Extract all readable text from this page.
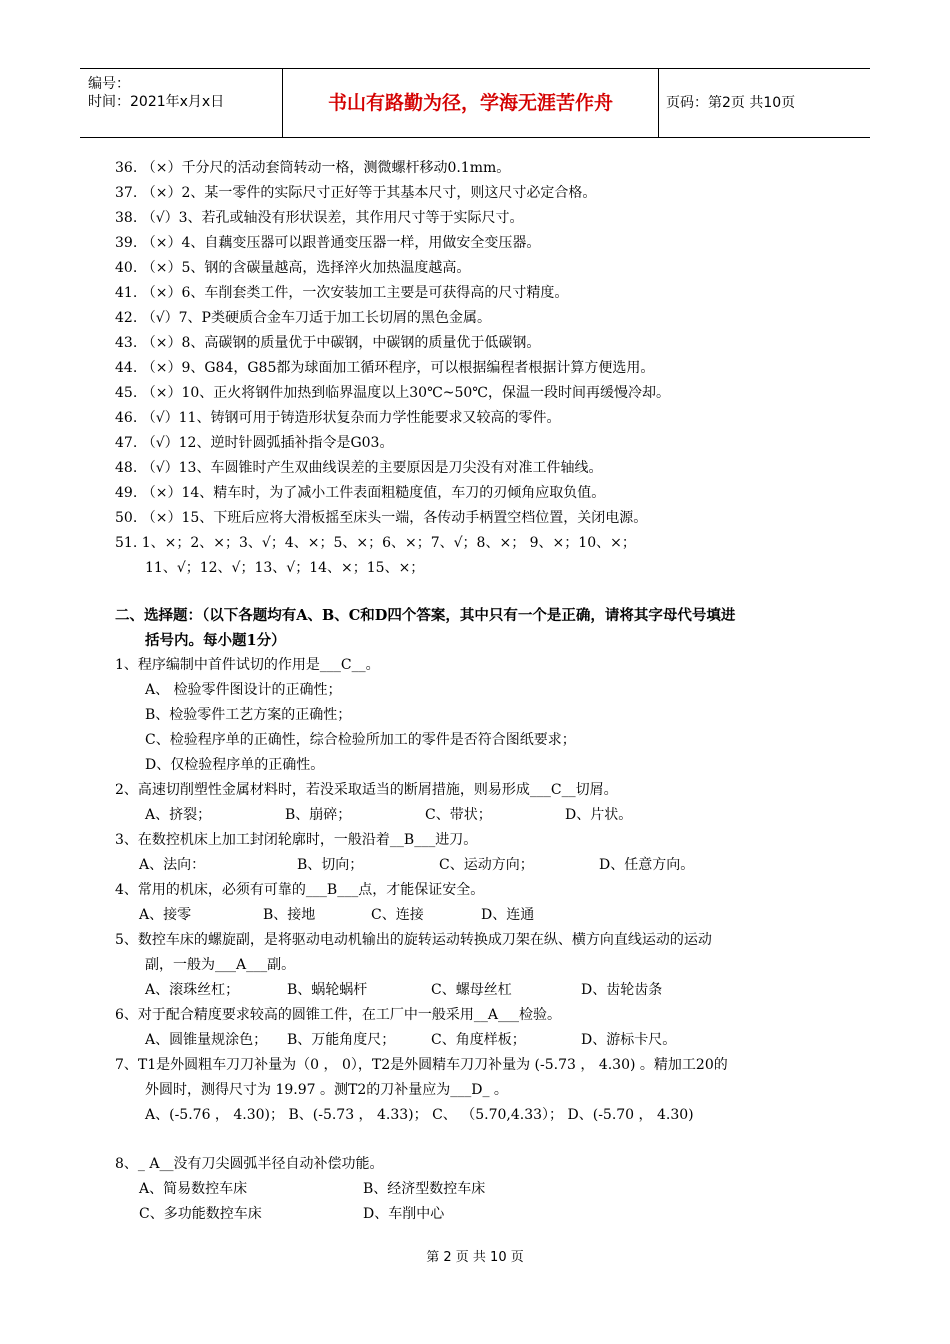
编号：
时间：2021年x月x日	书山有路勤为径，学海无涯苦作舟	页码：第2页 共10页
36. （×）千分尺的活动套筒转动一格，测微螺杆移动0.1mm。
37. （×）2、某一零件的实际尺寸正好等于其基本尺寸，则这尺寸必定合格。
38. （√）3、若孔或轴没有形状误差，其作用尺寸等于实际尺寸。
39. （×）4、自藕变压器可以跟普通变压器一样，用做安全变压器。
40. （×）5、钢的含碳量越高，选择淬火加热温度越高。
41. （×）6、车削套类工件，一次安装加工主要是可获得高的尺寸精度。
42. （√）7、P类硬质合金车刀适于加工长切屑的黑色金属。
43. （×）8、高碳钢的质量优于中碳钢，中碳钢的质量优于低碳钢。
44. （×）9、G84，G85都为球面加工循环程序，可以根据编程者根据计算方便选用。
45. （×）10、正火将钢件加热到临界温度以上30℃~50℃，保温一段时间再缓慢冷却。
46. （√）11、铸钢可用于铸造形状复杂而力学性能要求又较高的零件。
47. （√）12、逆时针圆弧插补指令是G03。
48. （√）13、车圆锥时产生双曲线误差的主要原因是刀尖没有对准工件轴线。
49. （×）14、精车时，为了减小工件表面粗糙度值，车刀的刃倾角应取负值。
50. （×）15、下班后应将大滑板摇至床头一端，各传动手柄置空档位置，关闭电源。
51. 1、×；2、×；3、√；4、×；5、×；6、×；7、√；8、×； 9、×；10、×；
11、√；12、√；13、√；14、×；15、×；
二、选择题：（以下各题均有A、B、C和D四个答案，其中只有一个是正确，请将其字母代号填进
括号内。每小题1分）
1、程序编制中首件试切的作用是___C__。
A、 检验零件图设计的正确性；
B、检验零件工艺方案的正确性；
C、检验程序单的正确性，综合检验所加工的零件是否符合图纸要求；
D、仅检验程序单的正确性。
2、高速切削塑性金属材料时，若没采取适当的断屑措施，则易形成___C__切屑。
A、挤裂；	B、崩碎；	C、带状；	D、片状。
3、在数控机床上加工封闭轮廓时，一般沿着__B___进刀。
A、法向：	B、切向；	C、运动方向；	D、任意方向。
4、常用的机床，必须有可靠的___B___点，才能保证安全。
A、接零	B、接地	C、连接	D、连通
5、数控车床的螺旋副，是将驱动电动机输出的旋转运动转换成刀架在纵、横方向直线运动的运动
副，一般为___A___副。
A、滚珠丝杠；	B、蜗轮蜗杆	C、螺母丝杠	D、齿轮齿条
6、对于配合精度要求较高的圆锥工件，在工厂中一般采用__A___检验。
A、圆锥量规涂色； B、万能角度尺；	C、角度样板；	D、游标卡尺。
7、T1是外圆粗车刀刀补量为（0 ， 0），T2是外圆精车刀刀补量为 (-5.73 ， 4.30) 。精加工20的
外圆时，测得尺寸为 19.97 。测T2的刀补量应为___D_ 。
A、(-5.76 ， 4.30)； B、(-5.73 ， 4.33)； C、 （5.70,4.33）； D、(-5.70 ， 4.30)
8、_ A__没有刀尖圆弧半径自动补偿功能。
A、简易数控车床	B、经济型数控车床
C、多功能数控车床	D、车削中心
第 2 页 共 10 页
